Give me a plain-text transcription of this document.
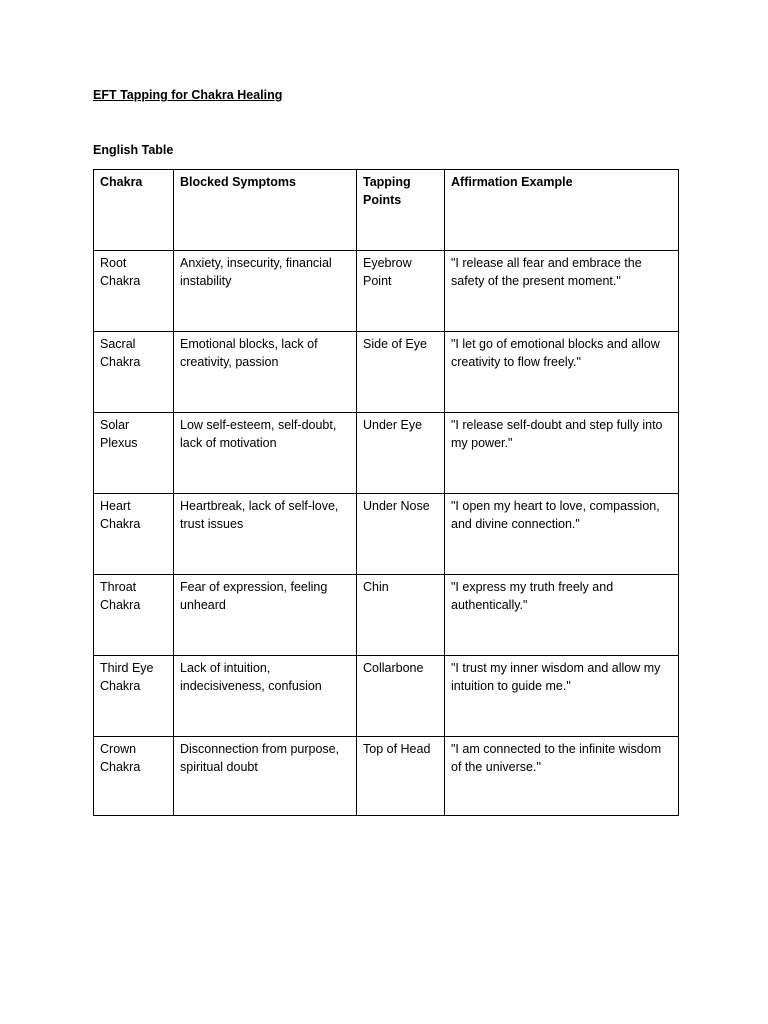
EFT Tapping for Chakra Healing
English Table
Chakra	Blocked Symptoms	Tapping Points	Affirmation Example
Root Chakra	Anxiety, insecurity, financial instability	Eyebrow Point	"I release all fear and embrace the safety of the present moment."
Sacral Chakra	Emotional blocks, lack of creativity, passion	Side of Eye	"I let go of emotional blocks and allow creativity to flow freely."
Solar Plexus	Low self-esteem, self-doubt, lack of motivation	Under Eye	"I release self-doubt and step fully into my power."
Heart Chakra	Heartbreak, lack of self-love, trust issues	Under Nose	"I open my heart to love, compassion, and divine connection."
Throat Chakra	Fear of expression, feeling unheard	Chin	"I express my truth freely and authentically."
Third Eye Chakra	Lack of intuition, indecisiveness, confusion	Collarbone	"I trust my inner wisdom and allow my intuition to guide me."
Crown Chakra	Disconnection from purpose, spiritual doubt	Top of Head	"I am connected to the infinite wisdom of the universe."
